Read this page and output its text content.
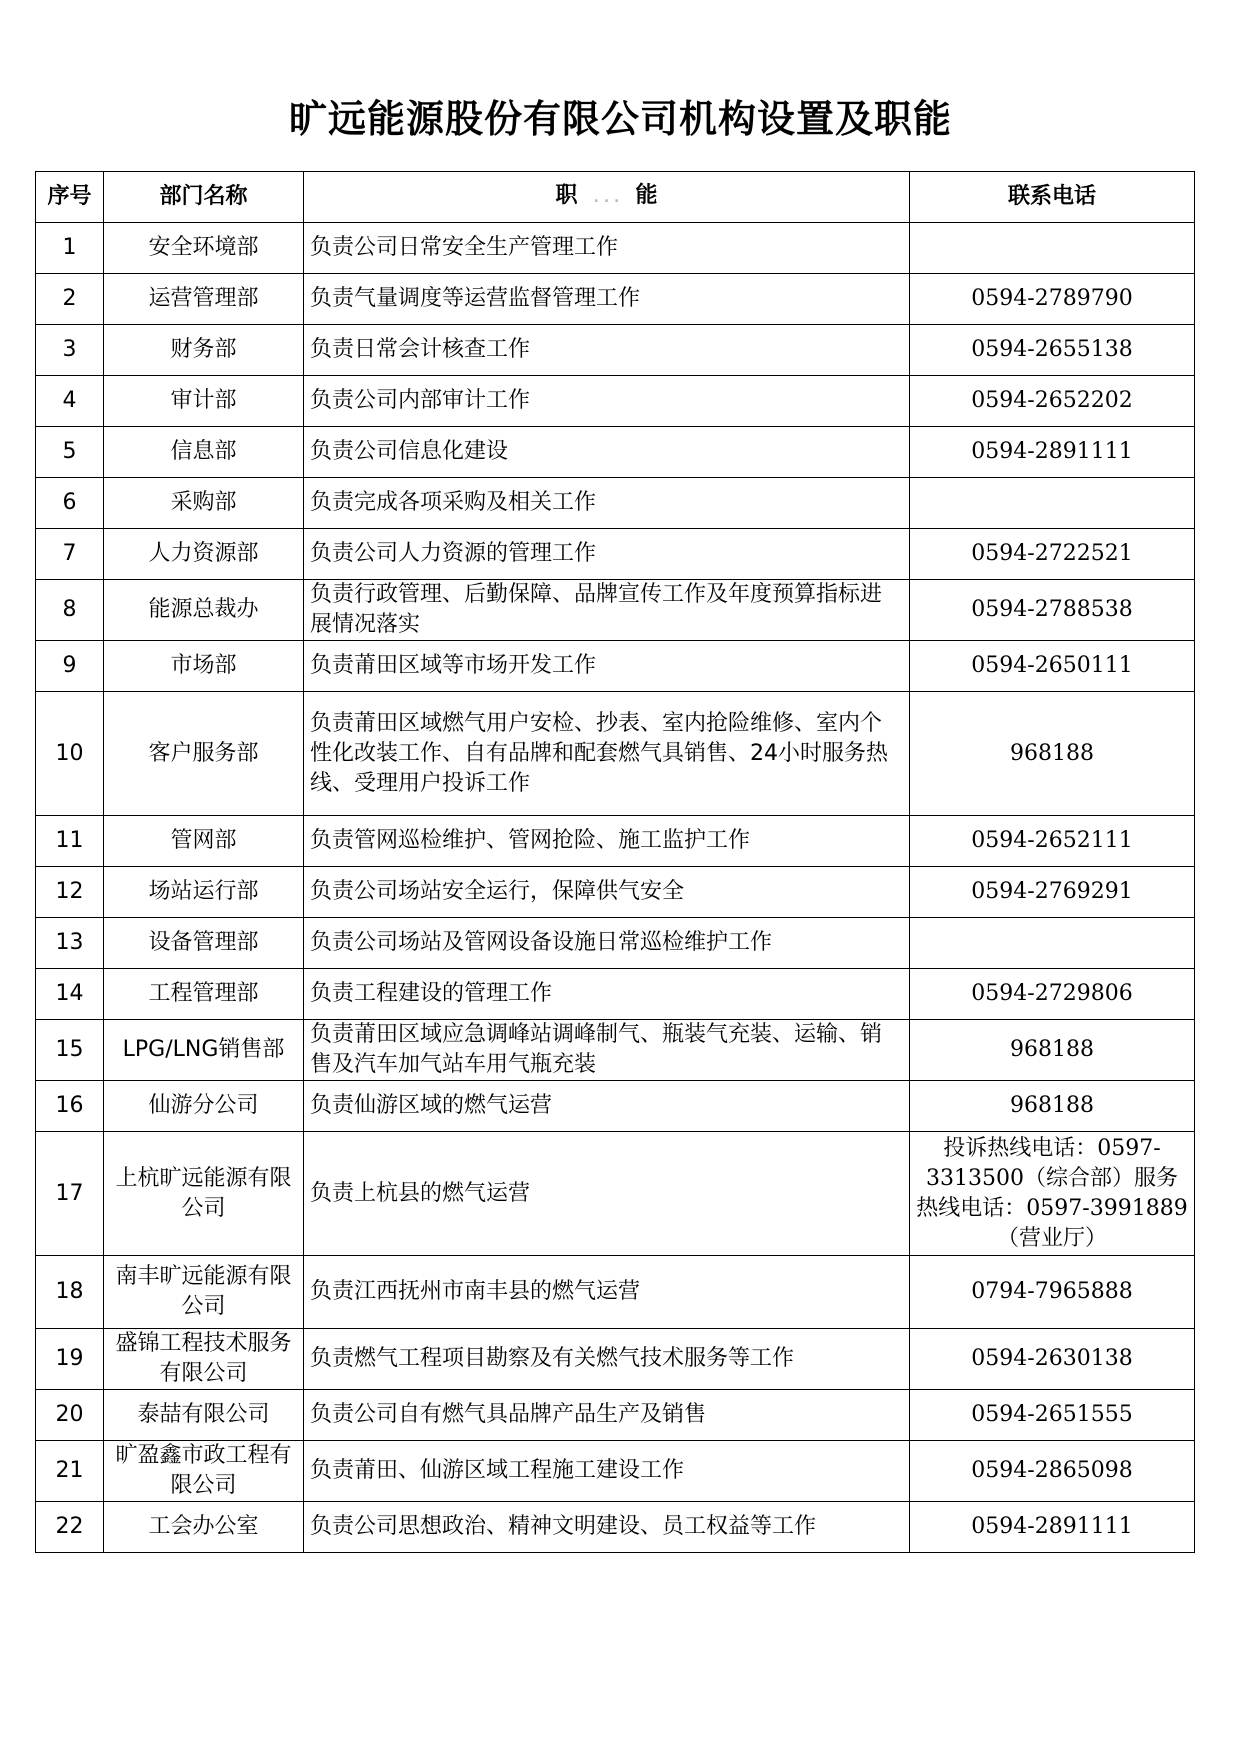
旷远能源股份有限公司机构设置及职能
序号	部门名称	职 . . . 能	联系电话
1	安全环境部	负责公司日常安全生产管理工作	
2	运营管理部	负责气量调度等运营监督管理工作	0594-2789790
3	财务部	负责日常会计核查工作	0594-2655138
4	审计部	负责公司内部审计工作	0594-2652202
5	信息部	负责公司信息化建设	0594-2891111
6	采购部	负责完成各项采购及相关工作	
7	人力资源部	负责公司人力资源的管理工作	0594-2722521
8	能源总裁办	负责行政管理、后勤保障、品牌宣传工作及年度预算指标进展情况落实	0594-2788538
9	市场部	负责莆田区域等市场开发工作	0594-2650111
10	客户服务部	负责莆田区域燃气用户安检、抄表、室内抢险维修、室内个性化改装工作、自有品牌和配套燃气具销售、24小时服务热线、受理用户投诉工作	968188
11	管网部	负责管网巡检维护、管网抢险、施工监护工作	0594-2652111
12	场站运行部	负责公司场站安全运行，保障供气安全	0594-2769291
13	设备管理部	负责公司场站及管网设备设施日常巡检维护工作	
14	工程管理部	负责工程建设的管理工作	0594-2729806
15	LPG/LNG销售部	负责莆田区域应急调峰站调峰制气、瓶装气充装、运输、销售及汽车加气站车用气瓶充装	968188
16	仙游分公司	负责仙游区域的燃气运营	968188
17	上杭旷远能源有限公司	负责上杭县的燃气运营	投诉热线电话：0597-3313500（综合部）服务热线电话：0597-3991889（营业厅）
18	南丰旷远能源有限公司	负责江西抚州市南丰县的燃气运营	0794-7965888
19	盛锦工程技术服务有限公司	负责燃气工程项目勘察及有关燃气技术服务等工作	0594-2630138
20	泰喆有限公司	负责公司自有燃气具品牌产品生产及销售	0594-2651555
21	旷盈鑫市政工程有限公司	负责莆田、仙游区域工程施工建设工作	0594-2865098
22	工会办公室	负责公司思想政治、精神文明建设、员工权益等工作	0594-2891111
